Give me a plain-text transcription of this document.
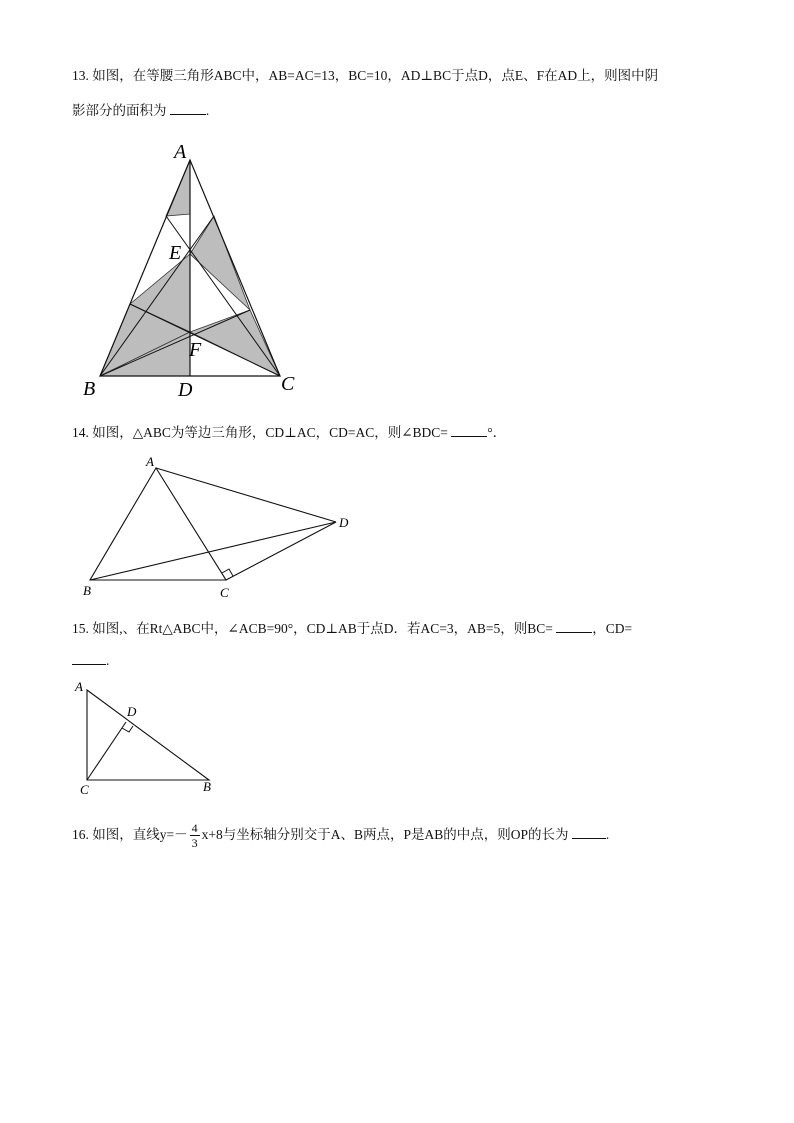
13. 如图，在等腰三角形ABC中，AB=AC=13，BC=10，AD⊥BC于点D，点E、F在AD上，则图中阴
影部分的面积为	.
A
E
F
B	D	C
14. 如图，△ABC为等边三角形，CD⊥AC，CD=AC，则∠BDC=	°．
A
D
B	C
15. 如图,、在Rt△ABC中，∠ACB=90°，CD⊥AB于点D．若AC=3，AB=5，则BC=	，CD=
.
A
D
C	B
16. 如图，直线$y=- \frac{4}{3} x+8$与坐标轴分别交于A、B两点，P是AB的中点，则OP的长为	.
